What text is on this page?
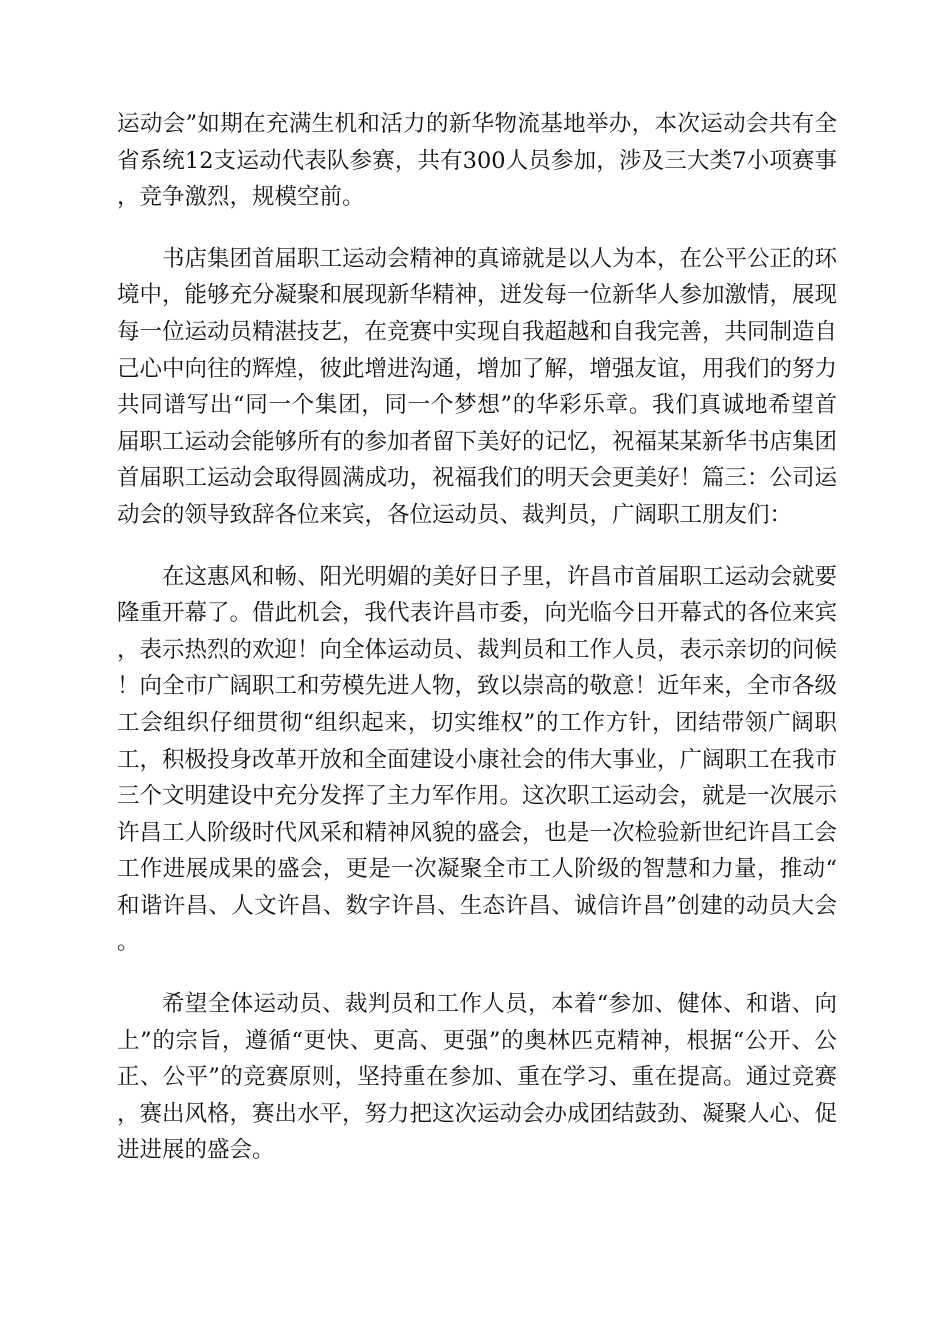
运动会”如期在充满生机和活力的新华物流基地举办，本次运动会共有全省系统12支运动代表队参赛，共有300人员参加，涉及三大类7小项赛事，竞争激烈，规模空前。

书店集团首届职工运动会精神的真谛就是以人为本，在公平公正的环境中，能够充分凝聚和展现新华精神，迸发每一位新华人参加激情，展现每一位运动员精湛技艺，在竞赛中实现自我超越和自我完善，共同制造自己心中向往的辉煌，彼此增进沟通，增加了解，增强友谊，用我们的努力共同谱写出“同一个集团，同一个梦想”的华彩乐章。我们真诚地希望首届职工运动会能够所有的参加者留下美好的记忆，祝福某某新华书店集团首届职工运动会取得圆满成功，祝福我们的明天会更美好！篇三：公司运动会的领导致辞各位来宾，各位运动员、裁判员，广阔职工朋友们：

在这惠风和畅、阳光明媚的美好日子里，许昌市首届职工运动会就要隆重开幕了。借此机会，我代表许昌市委，向光临今日开幕式的各位来宾，表示热烈的欢迎！向全体运动员、裁判员和工作人员，表示亲切的问候！向全市广阔职工和劳模先进人物，致以崇高的敬意！近年来，全市各级工会组织仔细贯彻“组织起来，切实维权”的工作方针，团结带领广阔职工，积极投身改革开放和全面建设小康社会的伟大事业，广阔职工在我市三个文明建设中充分发挥了主力军作用。这次职工运动会，就是一次展示许昌工人阶级时代风采和精神风貌的盛会，也是一次检验新世纪许昌工会工作进展成果的盛会，更是一次凝聚全市工人阶级的智慧和力量，推动“和谐许昌、人文许昌、数字许昌、生态许昌、诚信许昌”创建的动员大会。

希望全体运动员、裁判员和工作人员，本着“参加、健体、和谐、向上”的宗旨，遵循“更快、更高、更强”的奥林匹克精神，根据“公开、公正、公平”的竞赛原则，坚持重在参加、重在学习、重在提高。通过竞赛，赛出风格，赛出水平，努力把这次运动会办成团结鼓劲、凝聚人心、促进进展的盛会。
